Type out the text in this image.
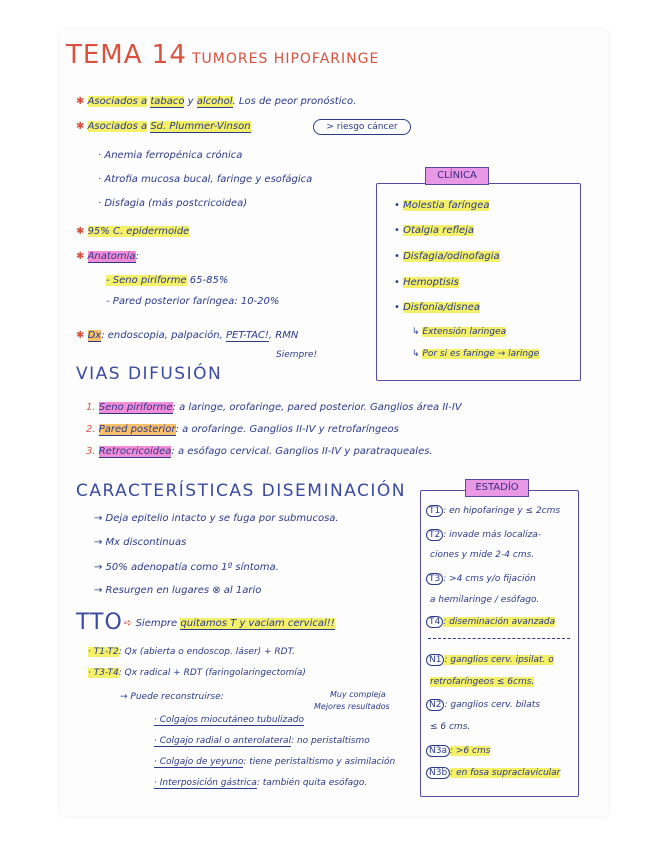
TEMA 14 TUMORES HIPOFARINGE
✱ Asociados a tabaco y alcohol. Los de peor pronóstico.
✱ Asociados a Sd. Plummer-Vinson	> riesgo cáncer
· Anemia ferropénica crónica
· Atrofia mucosa bucal, faringe y esofágica
· Disfagia (más postcricoidea)
✱ 95% C. epidermoide
✱ Anatomía:
- Seno piriforme 65-85%
- Pared posterior faríngea: 10-20%
✱ Dx: endoscopia, palpación, PET-TAC!, RMN
Siempre!
CLÍNICA
• Molestia faríngea
• Otalgia refleja
• Disfagia/odinofagia
• Hemoptisis
• Disfonía/disnea
↳ Extensión laringea
↳ Por si es faringe → laringe
VIAS DIFUSIÓN
1. Seno piriforme: a laringe, orofaringe, pared posterior. Ganglios área II-IV
2. Pared posterior: a orofaringe. Ganglios II-IV y retrofaríngeos
3. Retrocricoidea: a esófago cervical. Ganglios II-IV y paratraqueales.
CARACTERÍSTICAS DISEMINACIÓN
→ Deja epitelio intacto y se fuga por submucosa.
→ Mx discontinuas
→ 50% adenopatía como 1º síntoma.
→ Resurgen en lugares ⊗ al 1ario
ESTADÍO
T1 : en hipofaringe y ≤ 2cms
T2 : invade más localiza-
ciones y mide 2-4 cms.
T3 : >4 cms y/o fijación
a hemilaringe / esófago.
T4 : diseminación avanzada
N1 : ganglios cerv. ipsilat. o
retrofaríngeos ≤ 6cms.
N2 : ganglios cerv. bilats
≤ 6 cms.
N3a : >6 cms
N3b : en fosa supraclavicular
TTO ➪ Siempre quitamos T y vaciam cervical!!
· T1-T2: Qx (abierta o endoscop. láser) + RDT.
· T3-T4: Qx radical + RDT (faringolaringectomía)
→ Puede reconstruirse:	Muy compleja
Mejores resultados
· Colgajos miocutáneo tubulizado
· Colgajo radial o anterolateral: no peristaltismo
· Colgajo de yeyuno: tiene peristaltismo y asimilación
· Interposición gástrica: también quita esófago.
